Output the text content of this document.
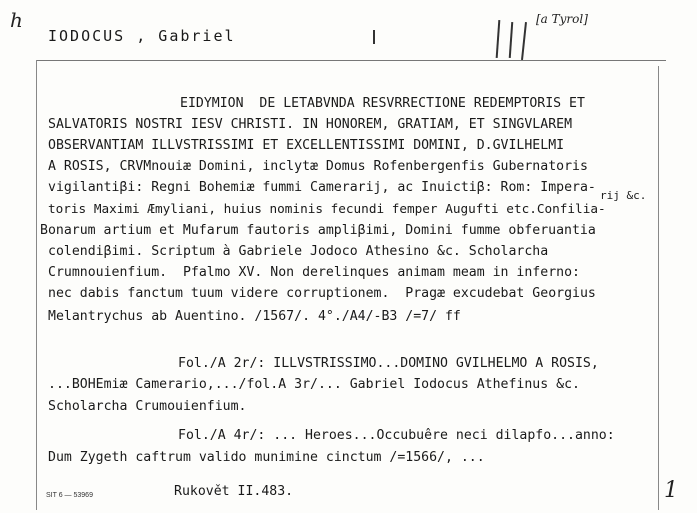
h
IODOCUS , Gabriel
[a Tyrol]
EIDYMION  DE LETABVNDA RESVRRECTIONE REDEMPTORIS ET
SALVATORIS NOSTRI IESV CHRISTI. IN HONOREM, GRATIAM, ET SINGVLAREM
OBSERVANTIAM ILLVSTRISSIMI ET EXCELLENTISSIMI DOMINI, D.GVILHELMI
A ROSIS, CRVMnouiæ Domini, inclytæ Domus Rofenbergenfis Gubernatoris
vigilantiβi: Regni Bohemiæ fummi Camerarij, ac Inuictiβ: Rom: Impera-
toris Maximi Æmyliani, huius nominis fecundi femper Augufti etc.Confilia-
Bonarum artium et Mufarum fautoris ampliβimi, Domini fumme obferuantia
colendiβimi. Scriptum à Gabriele Jodoco Athesino &c. Scholarcha
Crumnouienfium.  Pfalmo XV. Non derelinques animam meam in inferno:
nec dabis fanctum tuum videre corruptionem.  Pragæ excudebat Georgius
Melantrychus ab Auentino. /1567/. 4°./A4/-B3 /=7/ ff
rij &c.
Fol./A 2r/: ILLVSTRISSIMO...DOMINO GVILHELMO A ROSIS,
...BOHEmiæ Camerario,.../fol.A 3r/... Gabriel Iodocus Athefinus &c.
Scholarcha Crumouienfium.
Fol./A 4r/: ... Heroes...Occubuêre neci dilapfo...anno:
Dum Zygeth caftrum valido munimine cinctum /=1566/, ...
Rukovět II.483.
SIT 6 — 53969	1
